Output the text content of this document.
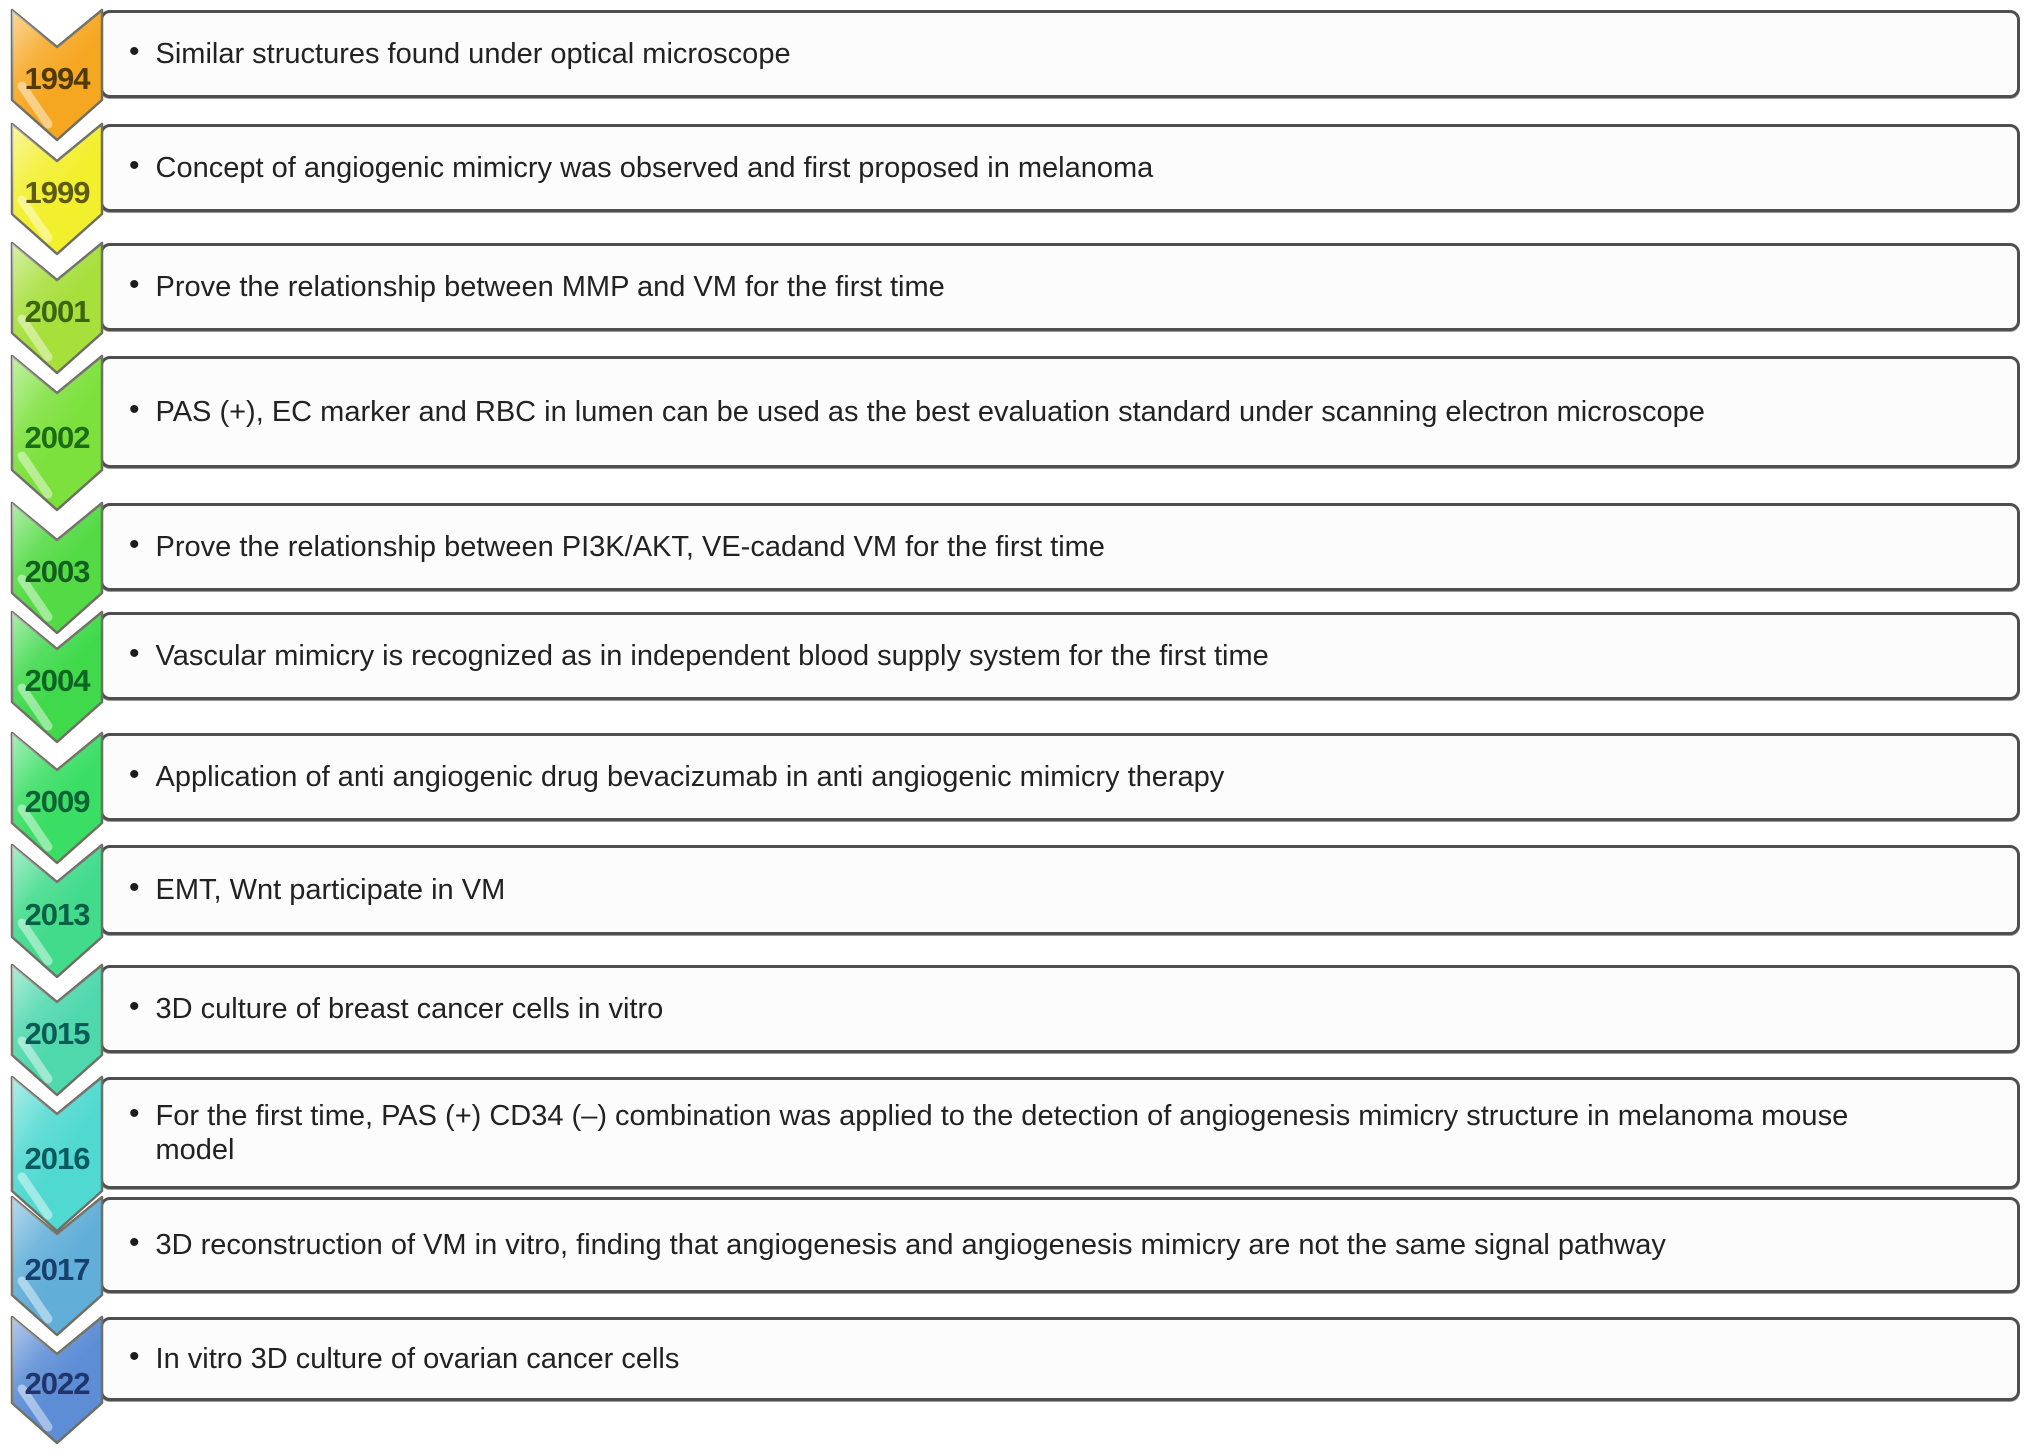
• Similar structures found under optical microscope
1994
• Concept of angiogenic mimicry was observed and first proposed in melanoma
1999
• Prove the relationship between MMP and VM for the first time
2001
• PAS (+), EC marker and RBC in lumen can be used as the best evaluation standard under scanning electron microscope
2002
• Prove the relationship between PI3K/AKT, VE-cadand VM for the first time
2003
• Vascular mimicry is recognized as in independent blood supply system for the first time
2004
• Application of anti angiogenic drug bevacizumab in anti angiogenic mimicry therapy
2009
• EMT, Wnt participate in VM
2013
• 3D culture of breast cancer cells in vitro
2015
• For the first time, PAS (+) CD34 (–) combination was applied to the detection of angiogenesis mimicry structure in melanoma mouse model
2016
• 3D reconstruction of VM in vitro, finding that angiogenesis and angiogenesis mimicry are not the same signal pathway
2017
• In vitro 3D culture of ovarian cancer cells
2022
